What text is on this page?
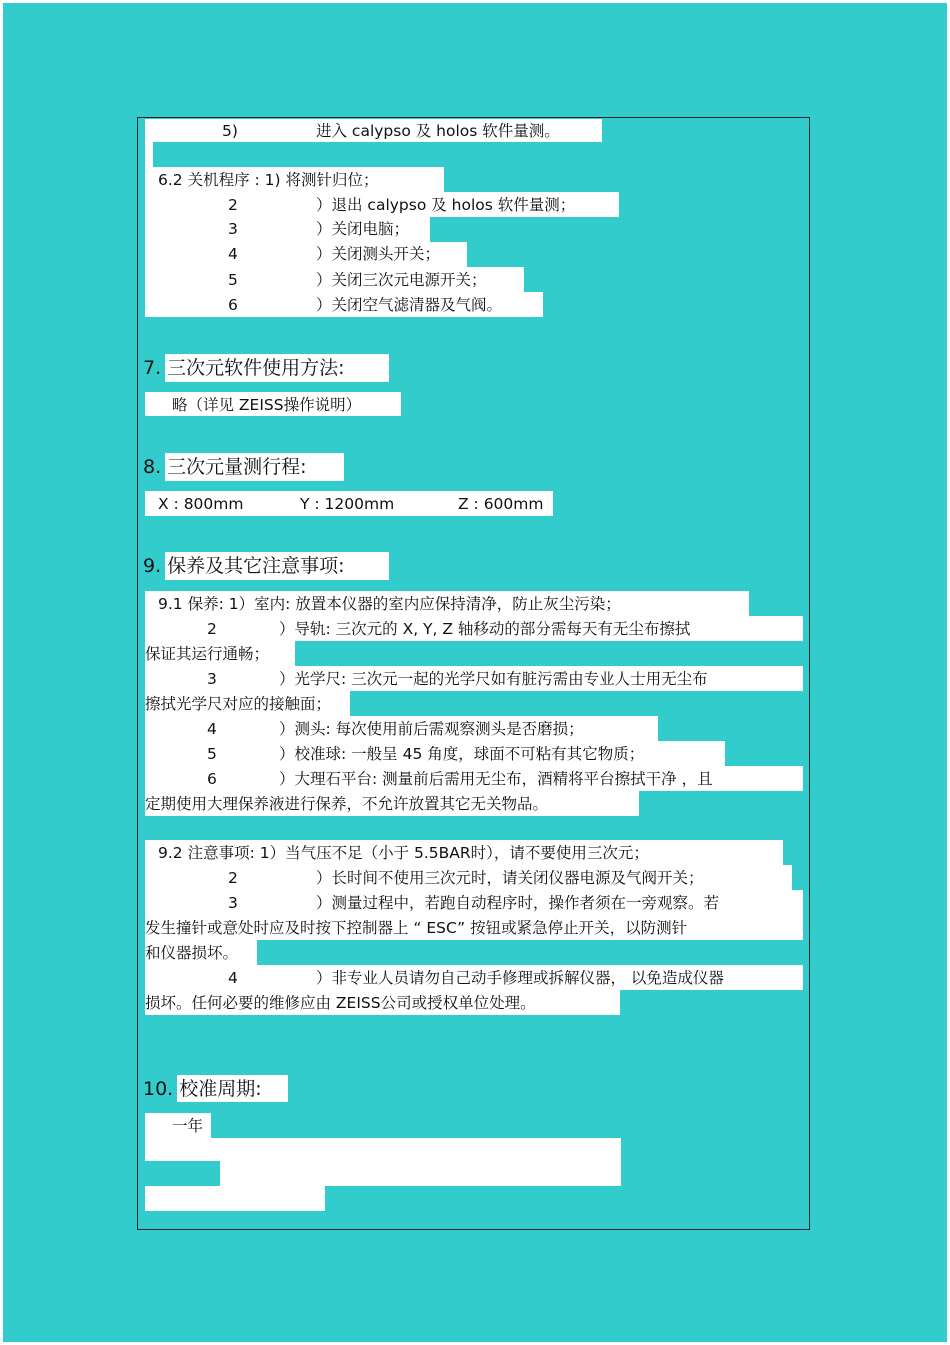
5)	进入 calypso 及 holos 软件量测。
6.2 关机程序 : 1) 将测针归位；
2	）退出 calypso 及 holos 软件量测；
3	）关闭电脑；
4	）关闭测头开关；
5	）关闭三次元电源开关；
6	）关闭空气滤清器及气阀。
7. 三次元软件使用方法:
略（详见 ZEISS操作说明）
8. 三次元量测行程:
X : 800mm	Y : 1200mm	Z : 600mm
9. 保养及其它注意事项:
9.1 保养: 1）室内: 放置本仪器的室内应保持清净，防止灰尘污染；
2	）导轨: 三次元的 X, Y, Z 轴移动的部分需每天有无尘布擦拭
保证其运行通畅；
3	）光学尺: 三次元一起的光学尺如有脏污需由专业人士用无尘布
擦拭光学尺对应的接触面；
4	）测头: 每次使用前后需观察测头是否磨损；
5	）校准球: 一般呈 45 角度，球面不可粘有其它物质；
6	）大理石平台: 测量前后需用无尘布，酒精将平台擦拭干净 ，且
定期使用大理保养液进行保养，不允许放置其它无关物品。
9.2 注意事项: 1）当气压不足（小于 5.5BAR时），请不要使用三次元；
2	）长时间不使用三次元时，请关闭仪器电源及气阀开关；
3	）测量过程中，若跑自动程序时，操作者须在一旁观察。若
发生撞针或意处时应及时按下控制器上 “ ESC” 按钮或紧急停止开关，以防测针
和仪器损坏。
4	）非专业人员请勿自己动手修理或拆解仪器， 以免造成仪器
损坏。任何必要的维修应由 ZEISS公司或授权单位处理。
10. 校准周期:
一年
